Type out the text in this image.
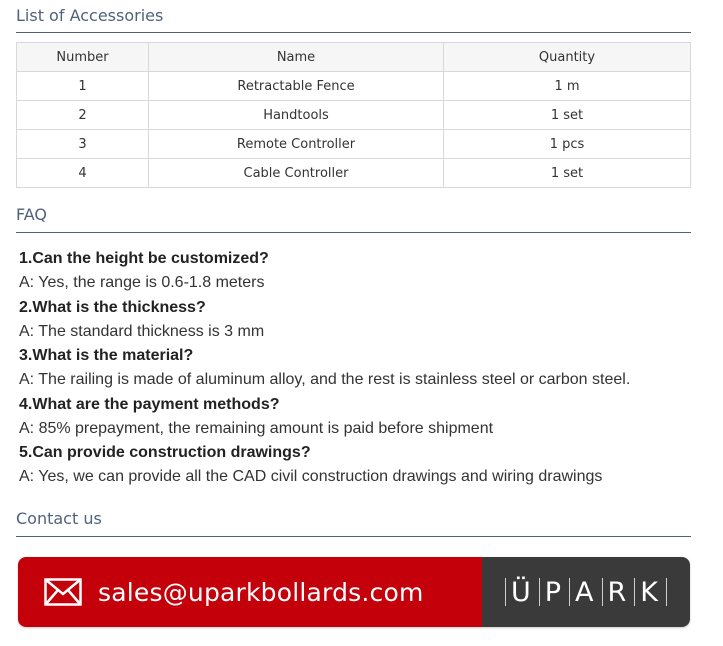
List of Accessories
Number	Name	Quantity
1	Retractable Fence	1 m
2	Handtools	1 set
3	Remote Controller	1 pcs
4	Cable Controller	1 set
FAQ
1.Can the height be customized?
A: Yes, the range is 0.6-1.8 meters
2.What is the thickness?
A: The standard thickness is 3 mm
3.What is the material?
A: The railing is made of aluminum alloy, and the rest is stainless steel or carbon steel.
4.What are the payment methods?
A: 85% prepayment, the remaining amount is paid before shipment
5.Can provide construction drawings?
A: Yes, we can provide all the CAD civil construction drawings and wiring drawings
Contact us
sales@uparkbollards.com	Ü P A R K
